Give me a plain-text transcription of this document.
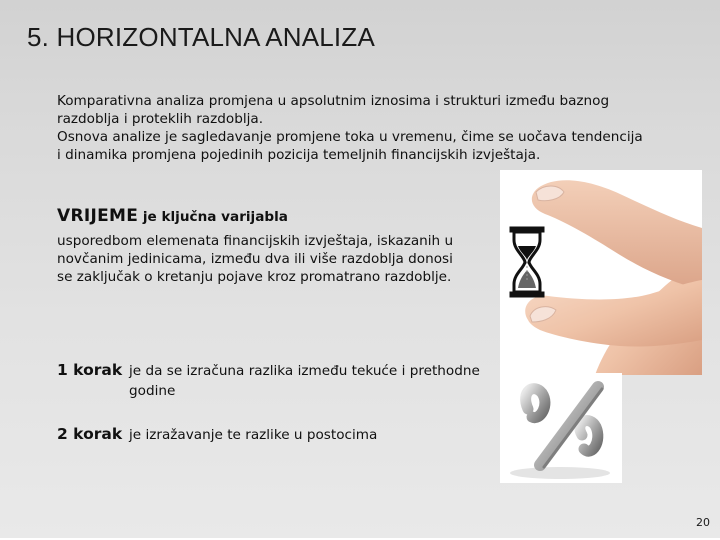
5. HORIZONTALNA ANALIZA
Komparativna analiza promjena u apsolutnim iznosima i strukturi između baznog
razdoblja i proteklih razdoblja.
Osnova analize je sagledavanje promjene toka u vremenu, čime se uočava tendencija
i dinamika promjena pojedinih pozicija temeljnih financijskih izvještaja.
VRIJEME je ključna varijabla
usporedbom elemenata financijskih izvještaja, iskazanih u
novčanim jedinicama, između dva ili više razdoblja donosi
se zaključak o kretanju pojave kroz promatrano razdoblje.
1 korak je da se izračuna razlika između tekuće i prethodne
godine
2 korak je izražavanje te razlike u postocima
20
